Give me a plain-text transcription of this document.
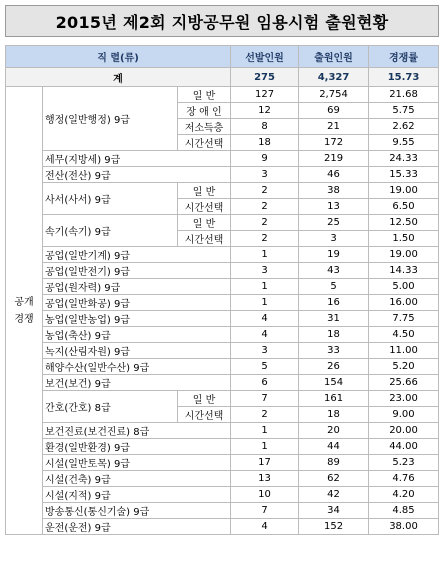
2015년 제2회 지방공무원 임용시험 출원현황
직 렬(류)			선발인원	출원인원	경쟁률
계			275	4,327	15.73
공개
경쟁	행정(일반행정) 9급	일 반	127	2,754	21.68
		장 애 인	12	69	5.75
		저소득층	8	21	2.62
		시간선택	18	172	9.55
	세무(지방세) 9급		9	219	24.33
	전산(전산) 9급		3	46	15.33
	사서(사서) 9급	일 반	2	38	19.00
		시간선택	2	13	6.50
	속기(속기) 9급	일 반	2	25	12.50
		시간선택	2	3	1.50
	공업(일반기계) 9급		1	19	19.00
	공업(일반전기) 9급		3	43	14.33
	공업(원자력) 9급		1	5	5.00
	공업(일반화공) 9급		1	16	16.00
	농업(일반농업) 9급		4	31	7.75
	농업(축산) 9급		4	18	4.50
	녹지(산림자원) 9급		3	33	11.00
	해양수산(일반수산) 9급		5	26	5.20
	보건(보건) 9급		6	154	25.66
	간호(간호) 8급	일 반	7	161	23.00
		시간선택	2	18	9.00
	보건진료(보건진료) 8급		1	20	20.00
	환경(일반환경) 9급		1	44	44.00
	시설(일반토목) 9급		17	89	5.23
	시설(건축) 9급		13	62	4.76
	시설(지적) 9급		10	42	4.20
	방송통신(통신기술) 9급		7	34	4.85
	운전(운전) 9급		4	152	38.00
